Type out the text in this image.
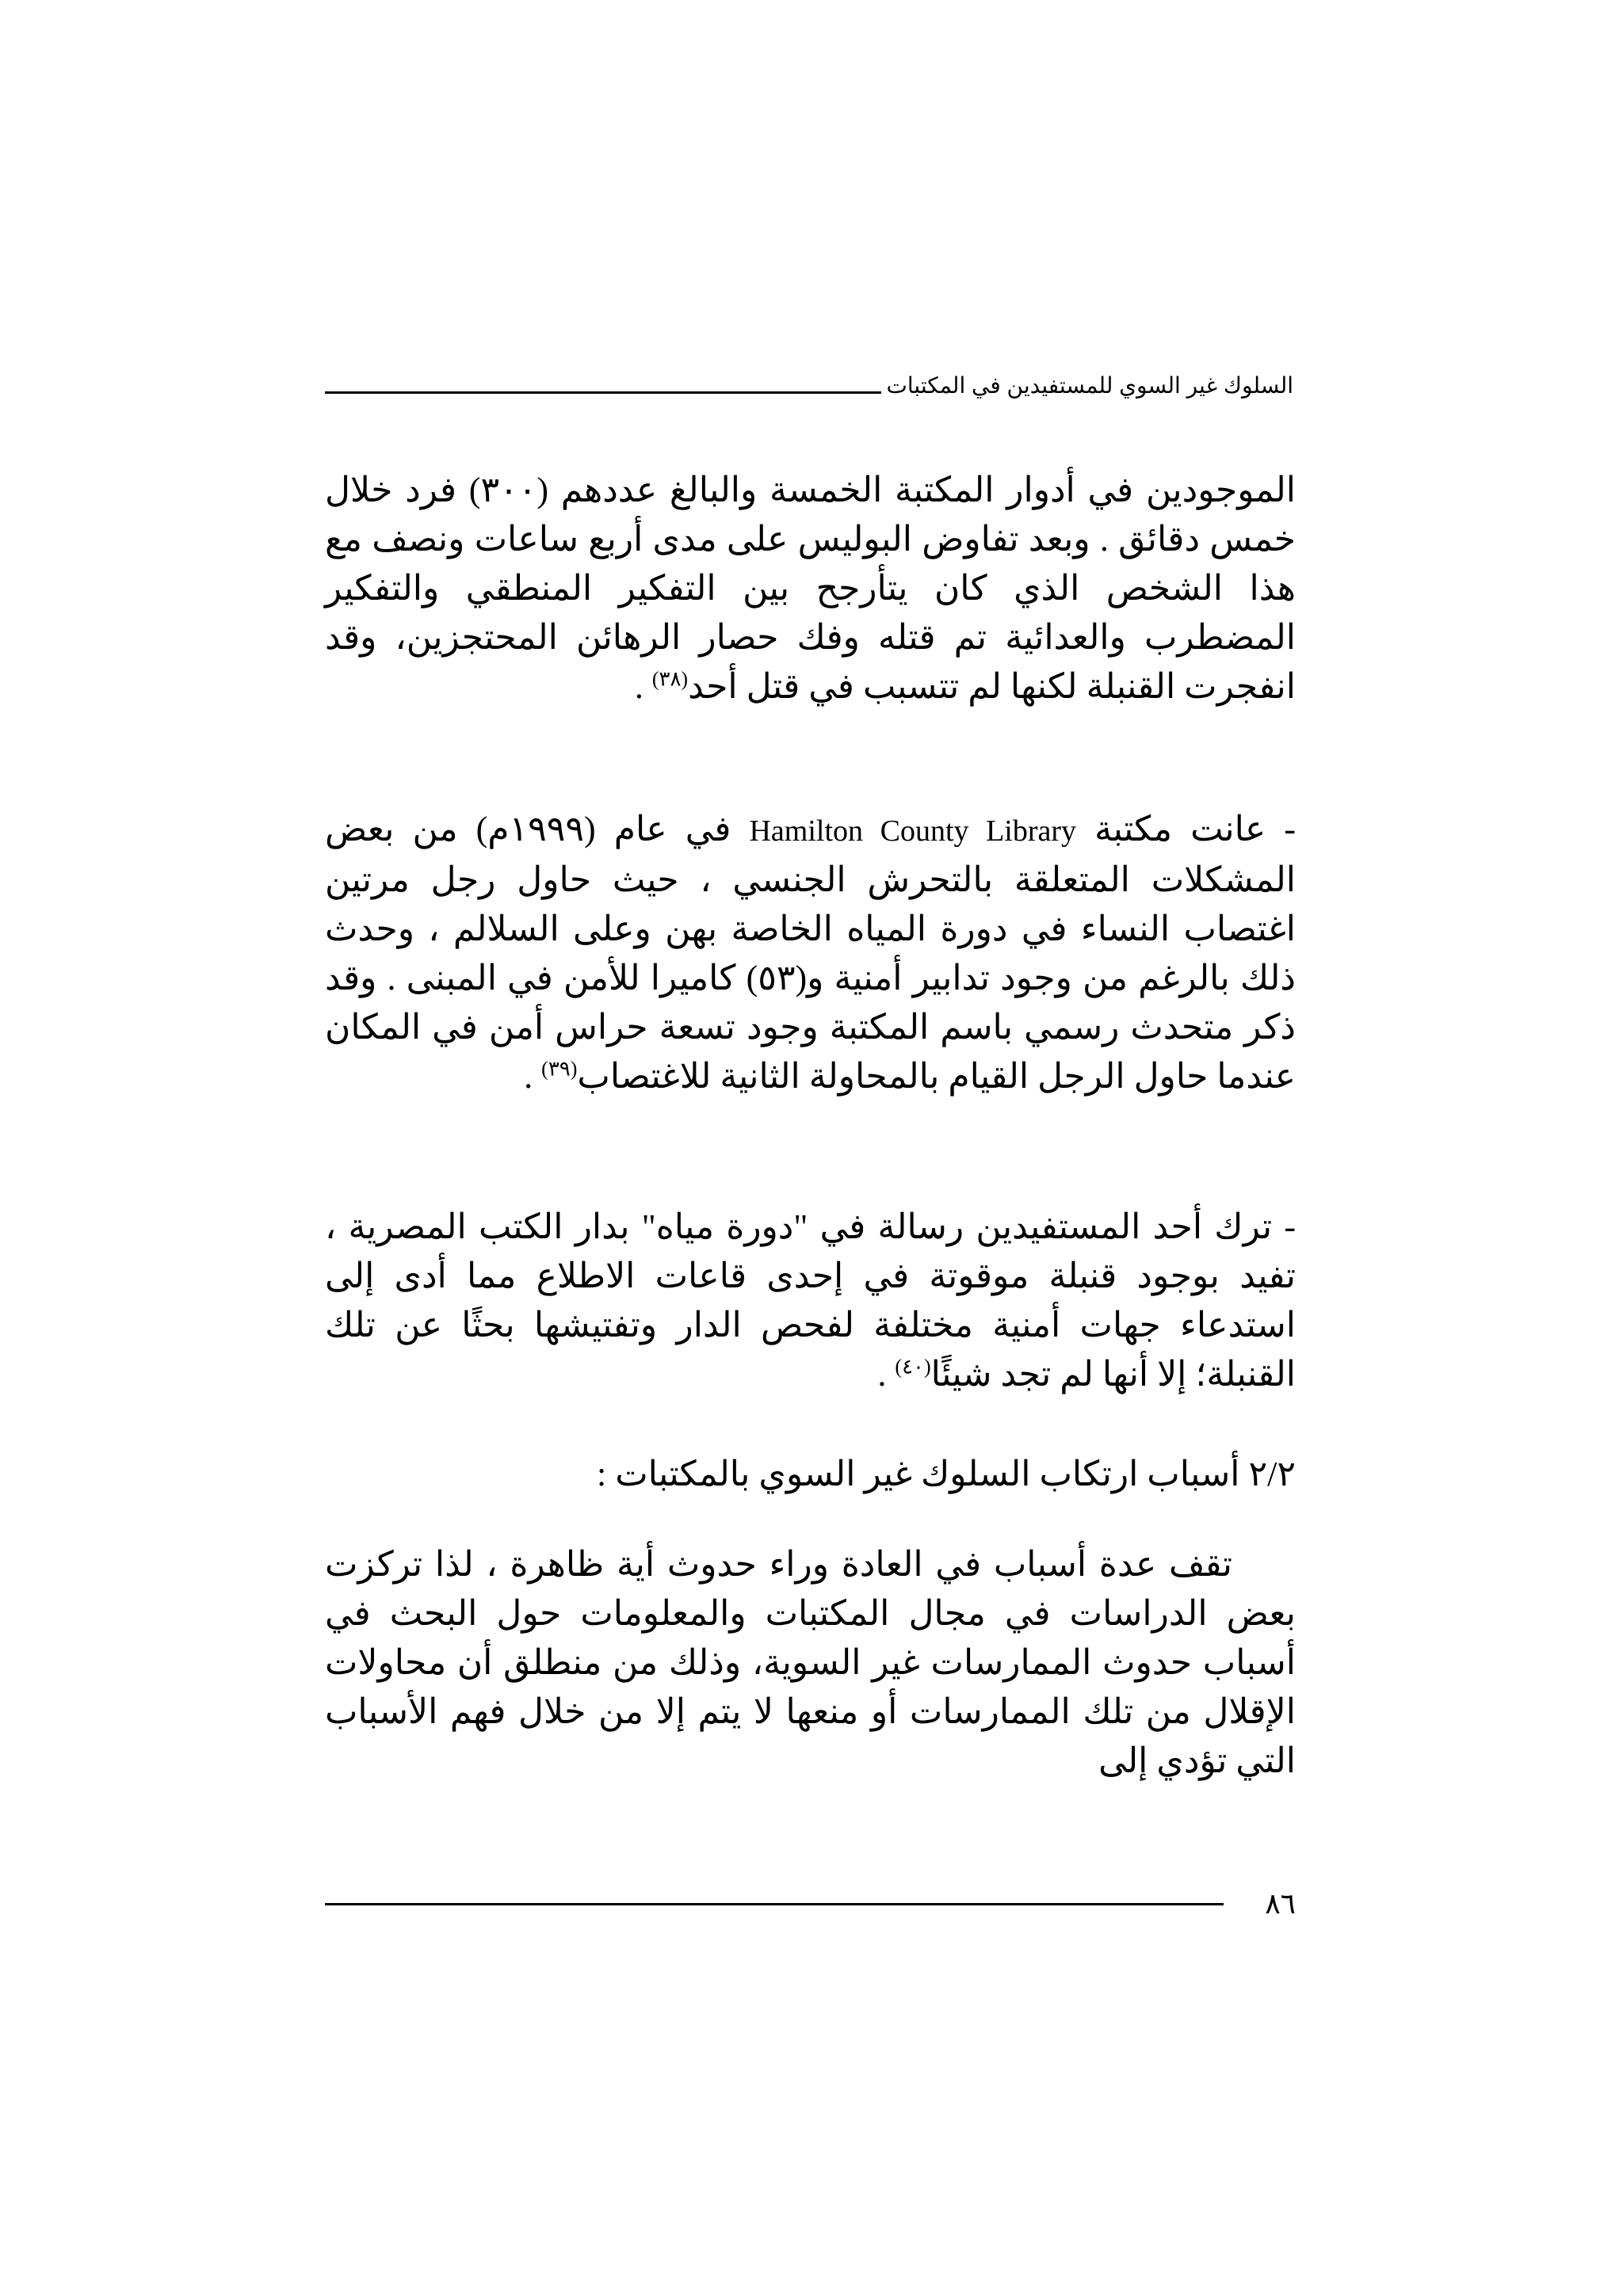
السلوك غير السوي للمستفيدين في المكتبات

الموجودين في أدوار المكتبة الخمسة والبالغ عددهم (٣٠٠) فرد خلال خمس دقائق . وبعد تفاوض البوليس على مدى أربع ساعات ونصف مع هذا الشخص الذي كان يتأرجح بين التفكير المنطقي والتفكير المضطرب والعدائية تم قتله وفك حصار الرهائن المحتجزين، وقد انفجرت القنبلة لكنها لم تتسبب في قتل أحد$^{(٣٨)}$ .

- عانت مكتبة Hamilton County Library في عام (١٩٩٩م) من بعض المشكلات المتعلقة بالتحرش الجنسي ، حيث حاول رجل مرتين اغتصاب النساء في دورة المياه الخاصة بهن وعلى السلالم ، وحدث ذلك بالرغم من وجود تدابير أمنية و(٥٣) كاميرا للأمن في المبنى . وقد ذكر متحدث رسمي باسم المكتبة وجود تسعة حراس أمن في المكان عندما حاول الرجل القيام بالمحاولة الثانية للاغتصاب$^{(٣٩)}$ .

- ترك أحد المستفيدين رسالة في "دورة مياه" بدار الكتب المصرية ، تفيد بوجود قنبلة موقوتة في إحدى قاعات الاطلاع مما أدى إلى استدعاء جهات أمنية مختلفة لفحص الدار وتفتيشها بحثًا عن تلك القنبلة؛ إلا أنها لم تجد شيئًا$^{(٤٠)}$ .

٢/٢ أسباب ارتكاب السلوك غير السوي بالمكتبات :

تقف عدة أسباب في العادة وراء حدوث أية ظاهرة ، لذا تركزت بعض الدراسات في مجال المكتبات والمعلومات حول البحث في أسباب حدوث الممارسات غير السوية، وذلك من منطلق أن محاولات الإقلال من تلك الممارسات أو منعها لا يتم إلا من خلال فهم الأسباب التي تؤدي إلى

٨٦
